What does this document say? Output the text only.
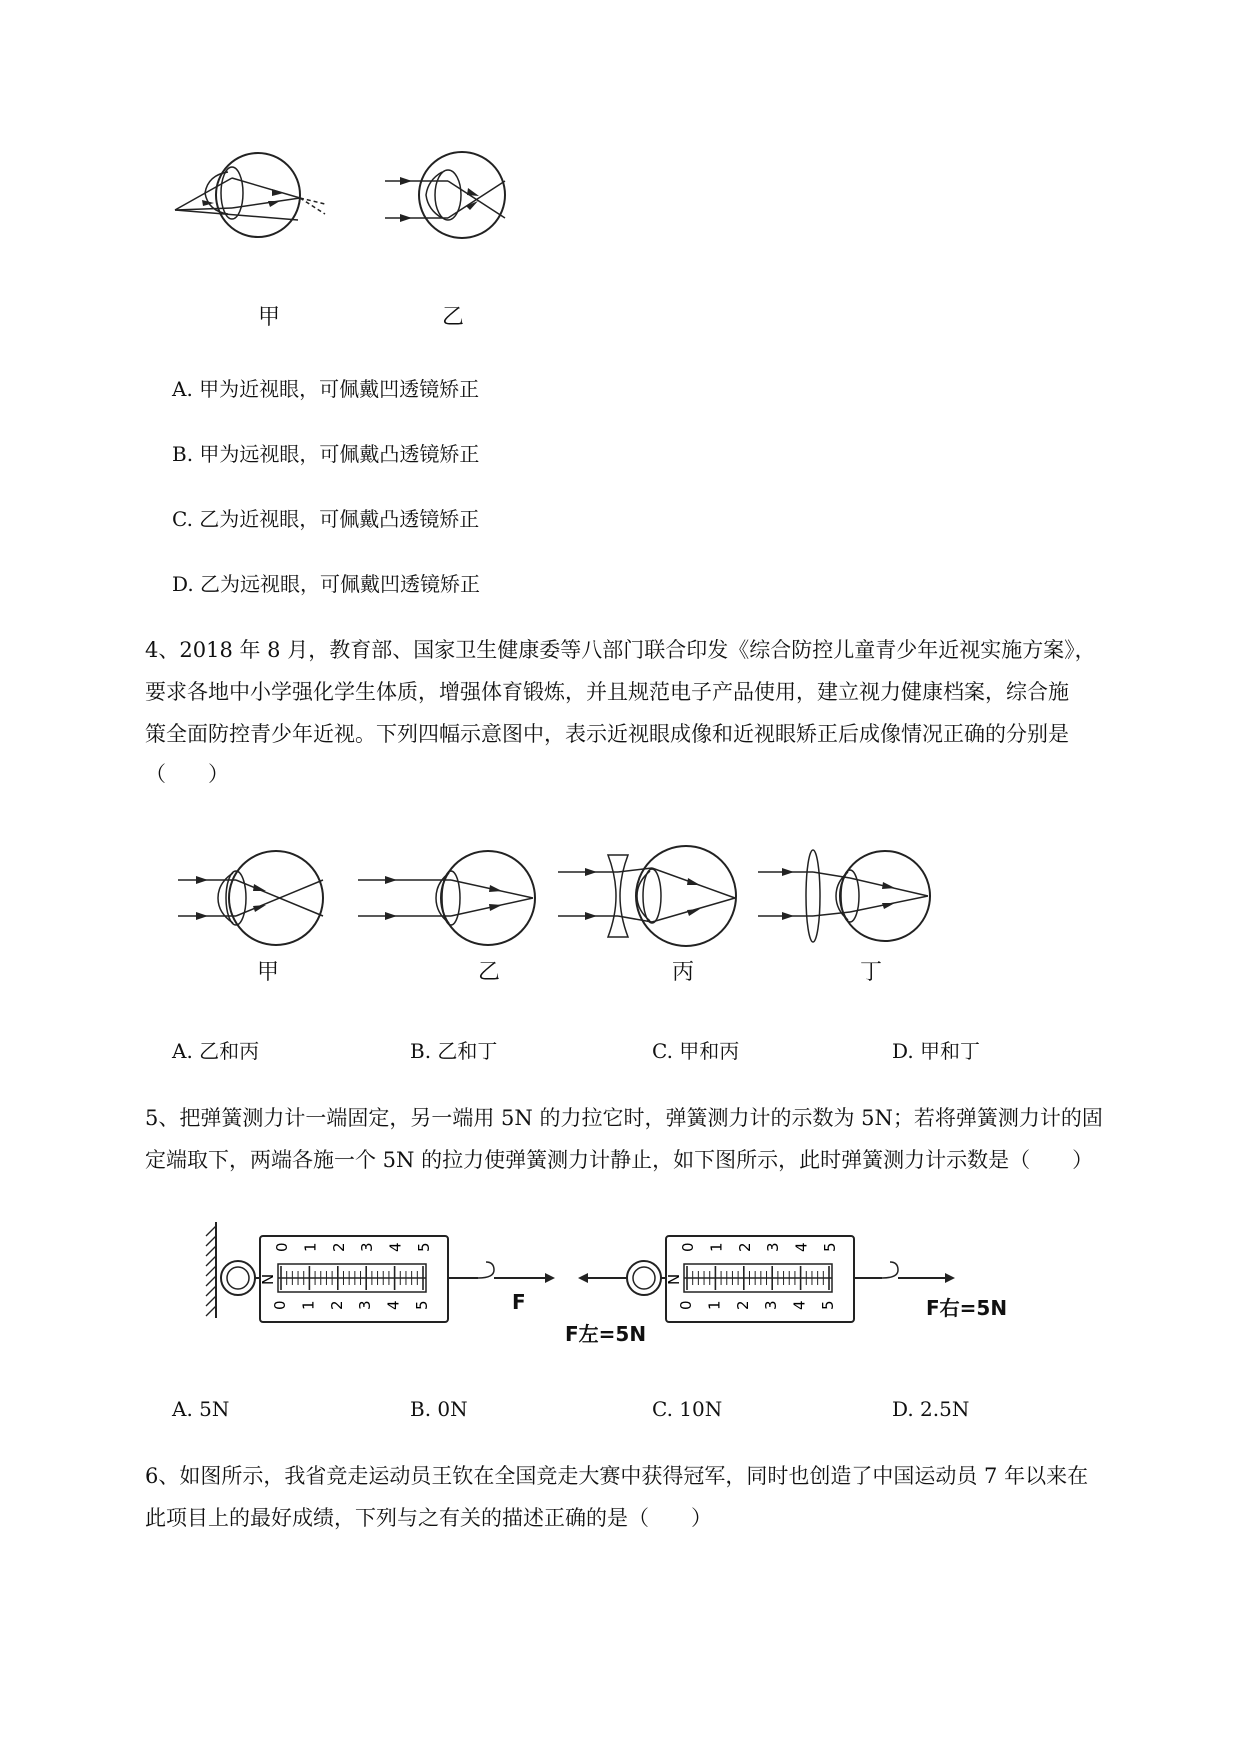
甲	乙
A. 甲为近视眼，可佩戴凹透镜矫正
B. 甲为远视眼，可佩戴凸透镜矫正
C. 乙为近视眼，可佩戴凸透镜矫正
D. 乙为远视眼，可佩戴凹透镜矫正
4、2018 年 8 月，教育部、国家卫生健康委等八部门联合印发《综合防控儿童青少年近视实施方案》，
要求各地中小学强化学生体质，增强体育锻炼，并且规范电子产品使用，建立视力健康档案，综合施
策全面防控青少年近视。下列四幅示意图中，表示近视眼成像和近视眼矫正后成像情况正确的分别是
（　　）
甲	乙	丙	丁
A. 乙和丙	B. 乙和丁	C. 甲和丙	D. 甲和丁
5、把弹簧测力计一端固定，另一端用 5N 的力拉它时，弹簧测力计的示数为 5N；若将弹簧测力计的固
定端取下，两端各施一个 5N 的拉力使弹簧测力计静止，如下图所示，此时弹簧测力计示数是（　　）
0 1 2 3 4 5
0 1 2 3 4 5
0 1 2 3 4 5
0 1 2 3 4 5
N	N
F
F左=5N
F右=5N
A. 5N	B. 0N	C. 10N	D. 2.5N
6、如图所示，我省竞走运动员王钦在全国竞走大赛中获得冠军，同时也创造了中国运动员 7 年以来在
此项目上的最好成绩，下列与之有关的描述正确的是（　　）
